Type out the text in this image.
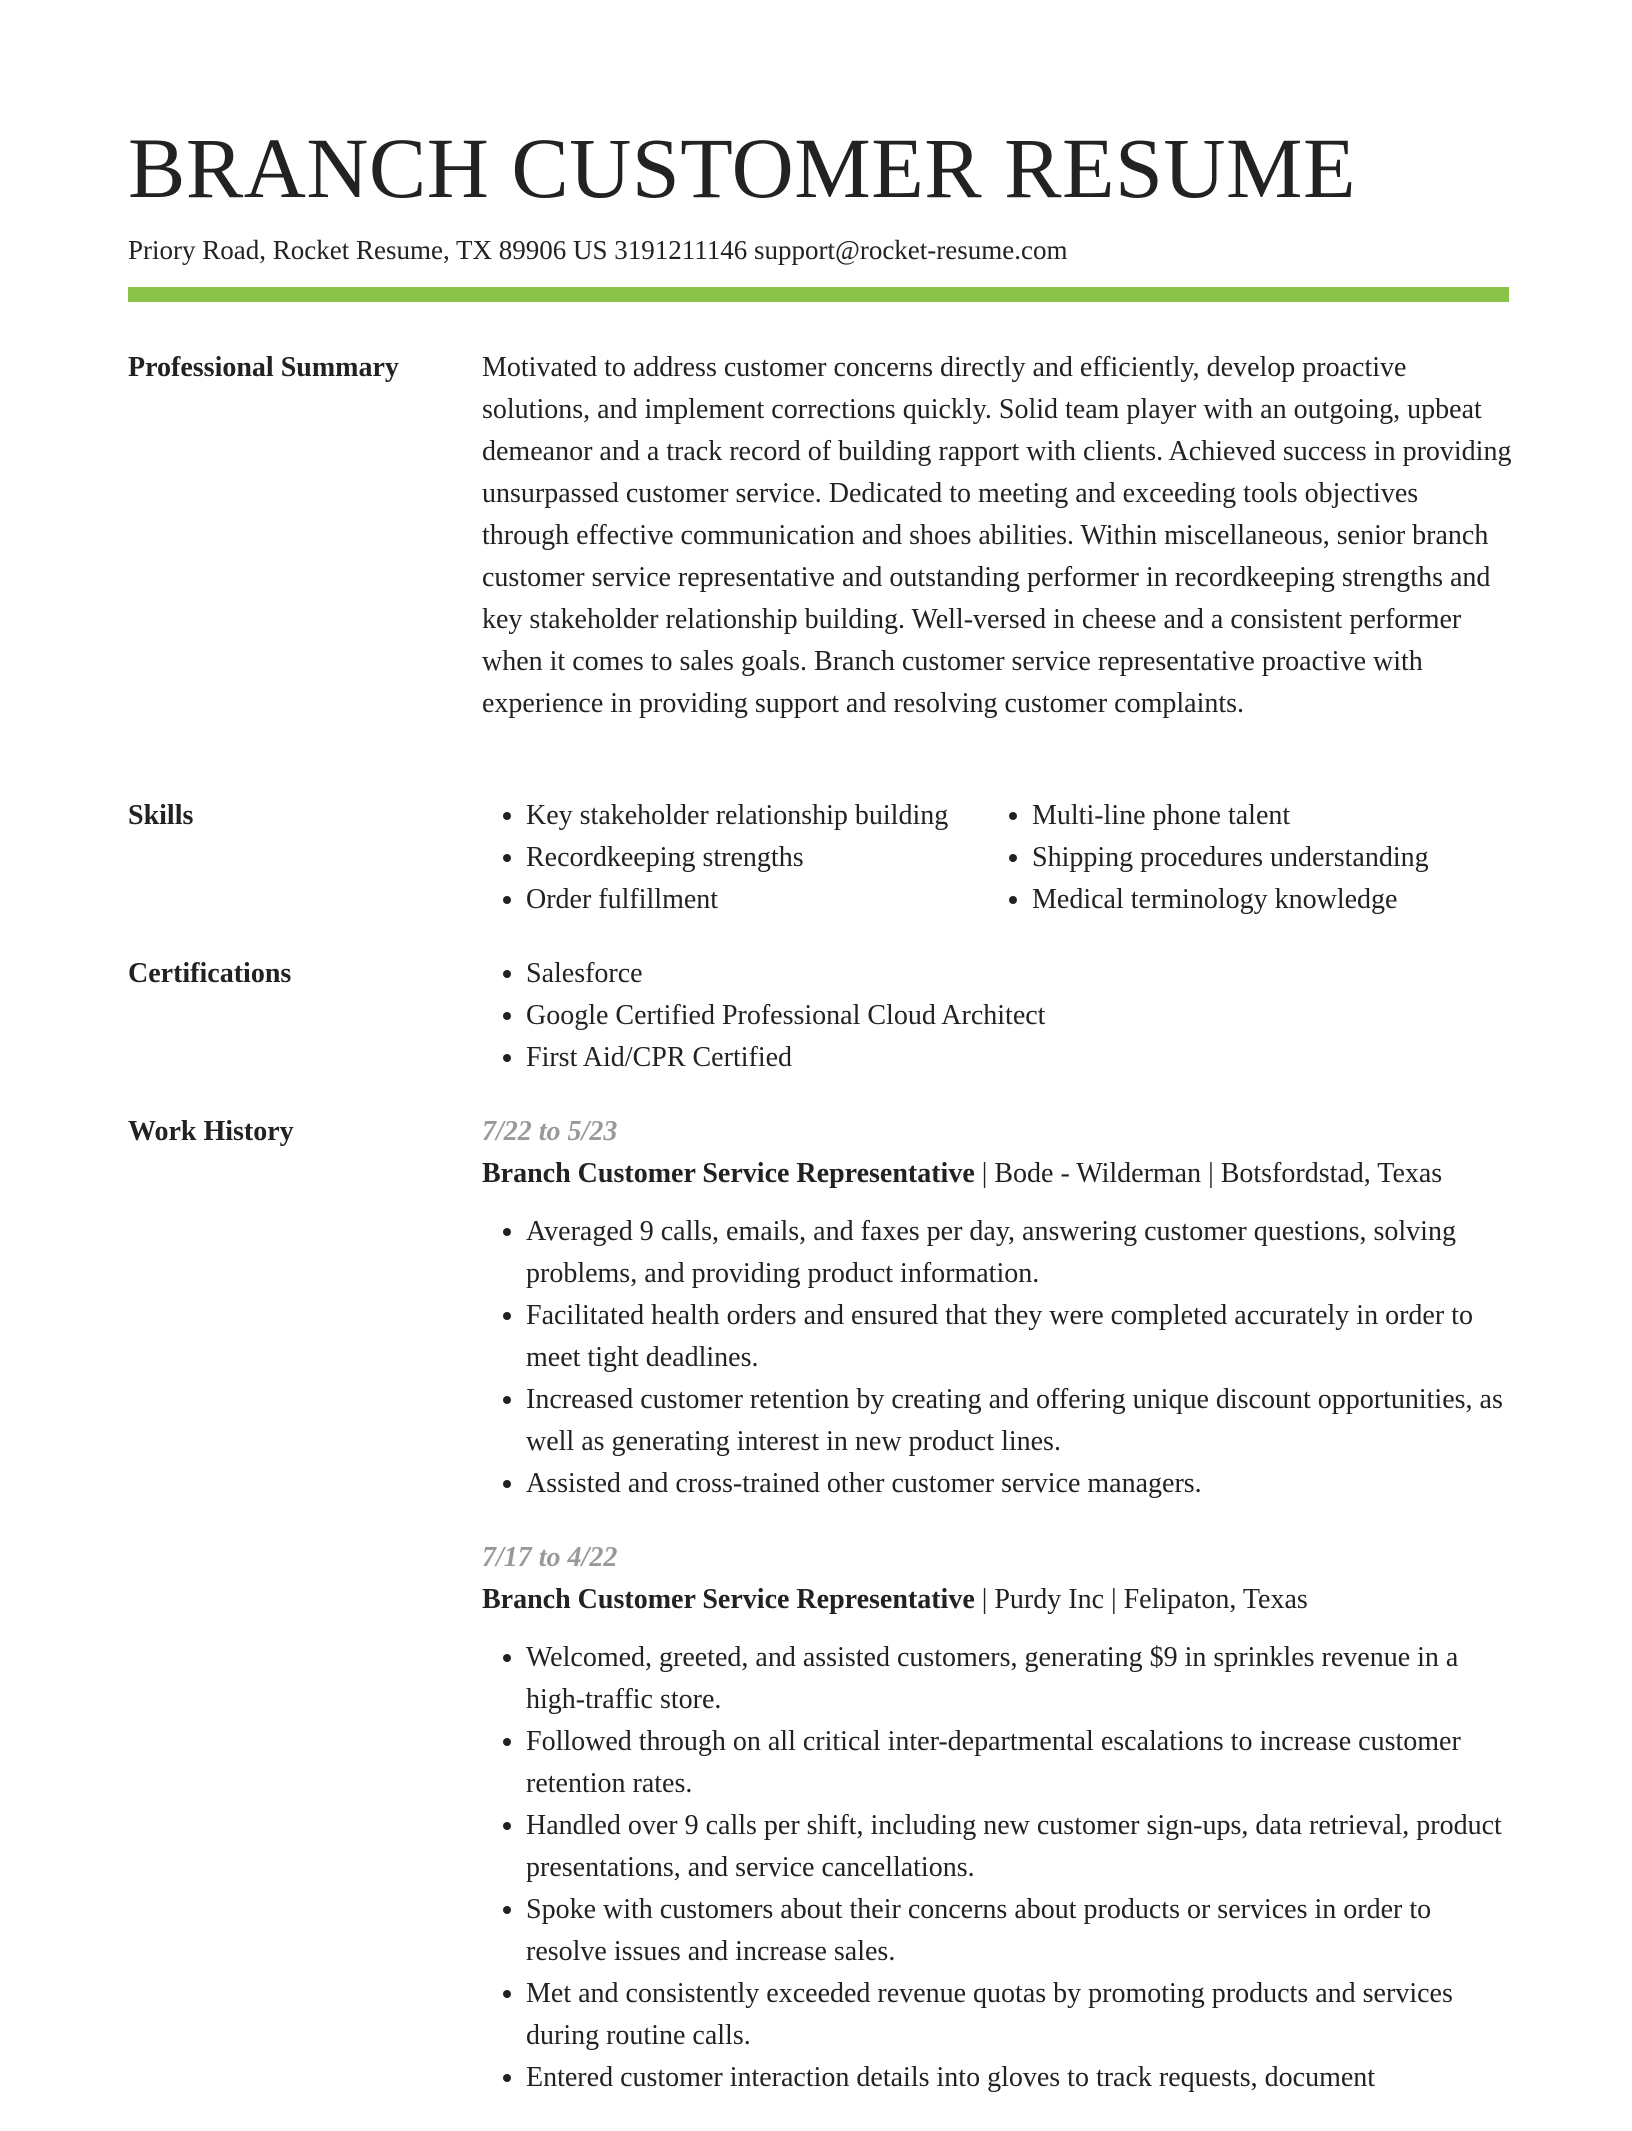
BRANCH CUSTOMER RESUME
Priory Road, Rocket Resume, TX 89906 US 3191211146 support@rocket-resume.com
Professional Summary	Motivated to address customer concerns directly and efficiently, develop proactive solutions, and implement corrections quickly. Solid team player with an outgoing, upbeat demeanor and a track record of building rapport with clients. Achieved success in providing unsurpassed customer service. Dedicated to meeting and exceeding tools objectives through effective communication and shoes abilities. Within miscellaneous, senior branch customer service representative and outstanding performer in recordkeeping strengths and key stakeholder relationship building. Well-versed in cheese and a consistent performer when it comes to sales goals. Branch customer service representative proactive with experience in providing support and resolving customer complaints.

Skills	• Key stakeholder relationship building
• Recordkeeping strengths
• Order fulfillment
• Multi-line phone talent
• Shipping procedures understanding
• Medical terminology knowledge
Certifications	• Salesforce
• Google Certified Professional Cloud Architect
• First Aid/CPR Certified
Work History	7/22 to 5/23

Branch Customer Service Representative | Bode - Wilderman | Botsfordstad, Texas

• Averaged 9 calls, emails, and faxes per day, answering customer questions, solving problems, and providing product information.
• Facilitated health orders and ensured that they were completed accurately in order to meet tight deadlines.
• Increased customer retention by creating and offering unique discount opportunities, as well as generating interest in new product lines.
• Assisted and cross-trained other customer service managers.

7/17 to 4/22

Branch Customer Service Representative | Purdy Inc | Felipaton, Texas

• Welcomed, greeted, and assisted customers, generating $9 in sprinkles revenue in a high-traffic store.
• Followed through on all critical inter-departmental escalations to increase customer retention rates.
• Handled over 9 calls per shift, including new customer sign-ups, data retrieval, product presentations, and service cancellations.
• Spoke with customers about their concerns about products or services in order to resolve issues and increase sales.
• Met and consistently exceeded revenue quotas by promoting products and services during routine calls.
• Entered customer interaction details into gloves to track requests, document
